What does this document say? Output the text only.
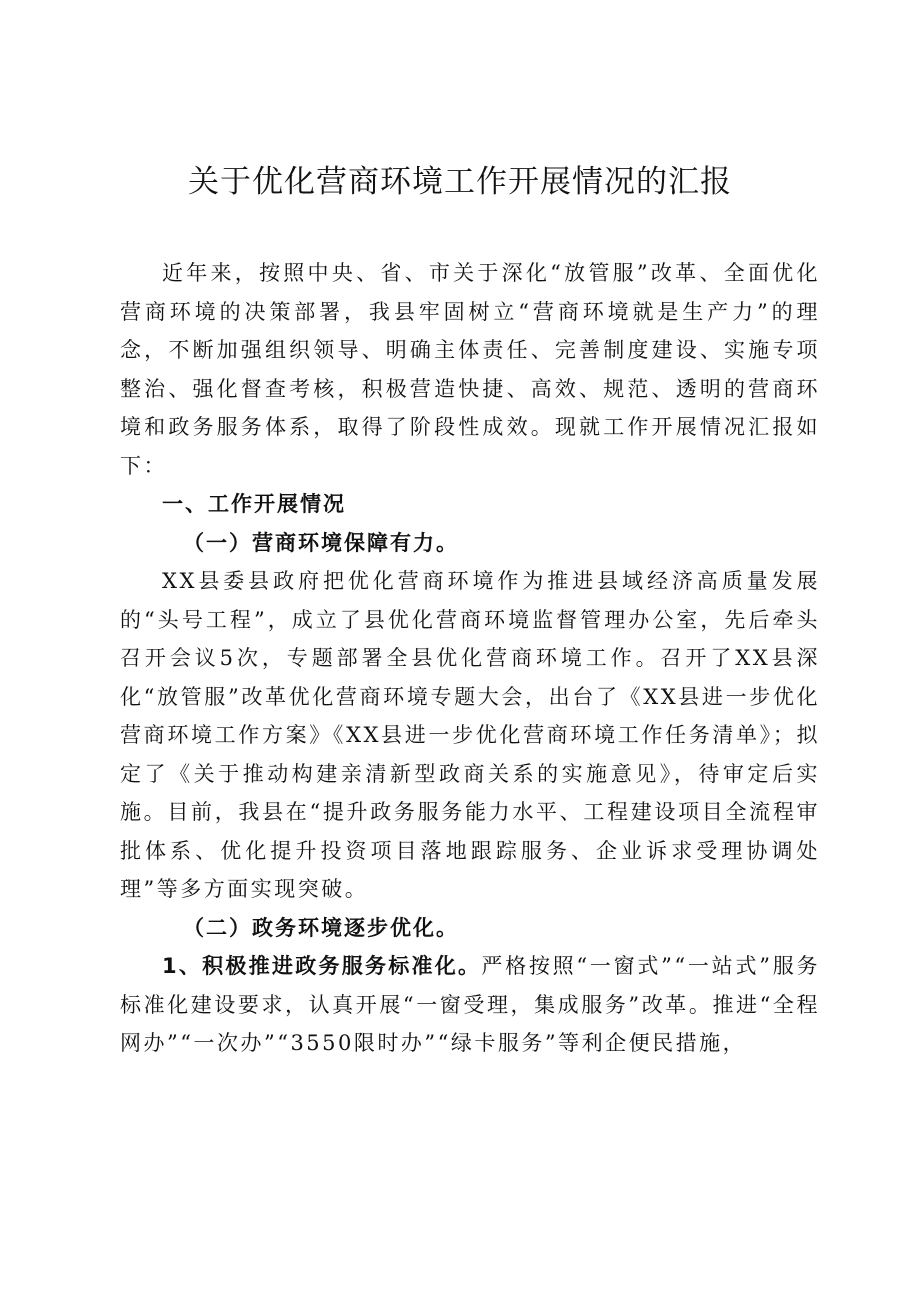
关于优化营商环境工作开展情况的汇报

近年来，按照中央、省、市关于深化“放管服”改革、全面优化营商环境的决策部署，我县牢固树立“营商环境就是生产力”的理念，不断加强组织领导、明确主体责任、完善制度建设、实施专项整治、强化督查考核，积极营造快捷、高效、规范、透明的营商环境和政务服务体系，取得了阶段性成效。现就工作开展情况汇报如下：

一、工作开展情况

（一）营商环境保障有力。

XX县委县政府把优化营商环境作为推进县域经济高质量发展的“头号工程”，成立了县优化营商环境监督管理办公室，先后牵头召开会议5次，专题部署全县优化营商环境工作。召开了XX县深化“放管服”改革优化营商环境专题大会，出台了《XX县进一步优化营商环境工作方案》《XX县进一步优化营商环境工作任务清单》；拟定了《关于推动构建亲清新型政商关系的实施意见》，待审定后实施。目前，我县在“提升政务服务能力水平、工程建设项目全流程审批体系、优化提升投资项目落地跟踪服务、企业诉求受理协调处理”等多方面实现突破。

（二）政务环境逐步优化。

1、积极推进政务服务标准化。严格按照“一窗式”“一站式”服务标准化建设要求，认真开展“一窗受理，集成服务”改革。推进“全程网办”“一次办”“3550限时办”“绿卡服务”等利企便民措施，
